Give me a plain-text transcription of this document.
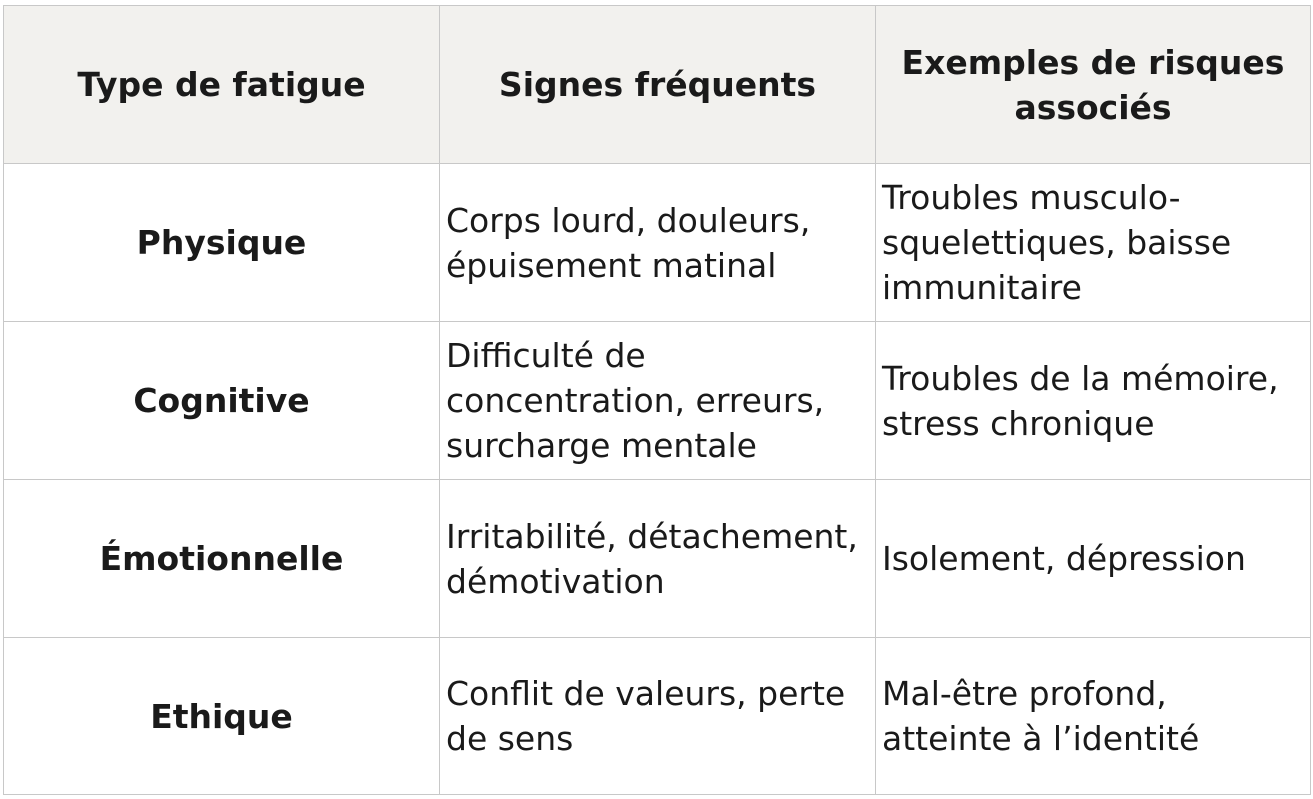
Type de fatigue	Signes fréquents	Exemples de risques associés
Physique	Corps lourd, douleurs, épuisement matinal	Troubles musculo-squelettiques, baisse immunitaire
Cognitive	Difficulté de concentration, erreurs, surcharge mentale	Troubles de la mémoire, stress chronique
Émotionnelle	Irritabilité, détachement, démotivation	Isolement, dépression
Ethique	Conflit de valeurs, perte de sens	Mal-être profond, atteinte à l’identité
